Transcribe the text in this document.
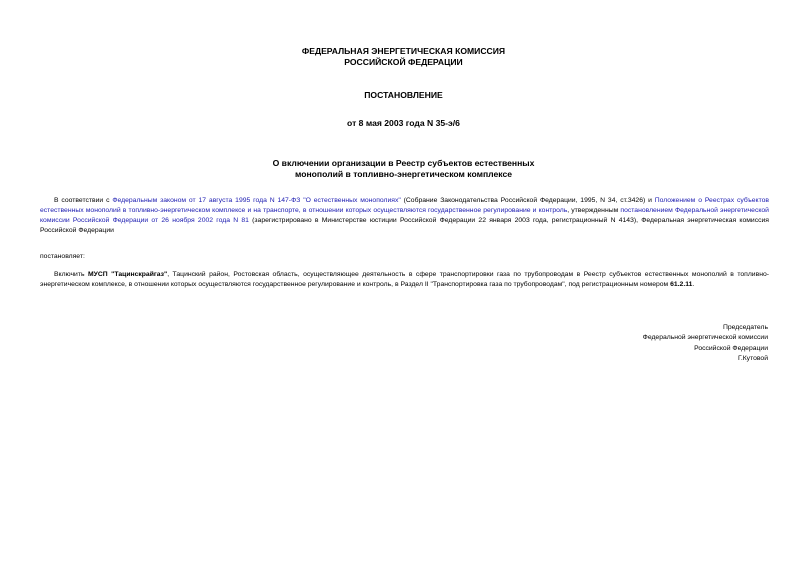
ФЕДЕРАЛЬНАЯ ЭНЕРГЕТИЧЕСКАЯ КОМИССИЯ
РОССИЙСКОЙ ФЕДЕРАЦИИ
ПОСТАНОВЛЕНИЕ
от 8 мая 2003 года N 35-э/6
О включении организации в Реестр субъектов естественных
монополий в топливно-энергетическом комплексе
В соответствии с Федеральным законом от 17 августа 1995 года N 147-ФЗ "О естественных монополиях" (Собрание Законодательства Российской Федерации, 1995, N 34, ст.3426) и Положением о Реестрах субъектов естественных монополий в топливно-энергетическом комплексе и на транспорте, в отношении которых осуществляются государственное регулирование и контроль, утвержденным постановлением Федеральной энергетической комиссии Российской Федерации от 26 ноября 2002 года N 81 (зарегистрировано в Министерстве юстиции Российской Федерации 22 января 2003 года, регистрационный N 4143), Федеральная энергетическая комиссия Российской Федерации
постановляет:
Включить МУСП "Тацинскрайгаз", Тацинский район, Ростовская область, осуществляющее деятельность в сфере транспортировки газа по трубопроводам в Реестр субъектов естественных монополий в топливно-энергетическом комплексе, в отношении которых осуществляются государственное регулирование и контроль, в Раздел II "Транспортировка газа по трубопроводам", под регистрационным номером 61.2.11.
Председатель
Федеральной энергетической комиссии
Российской Федерации
Г.Кутовой
